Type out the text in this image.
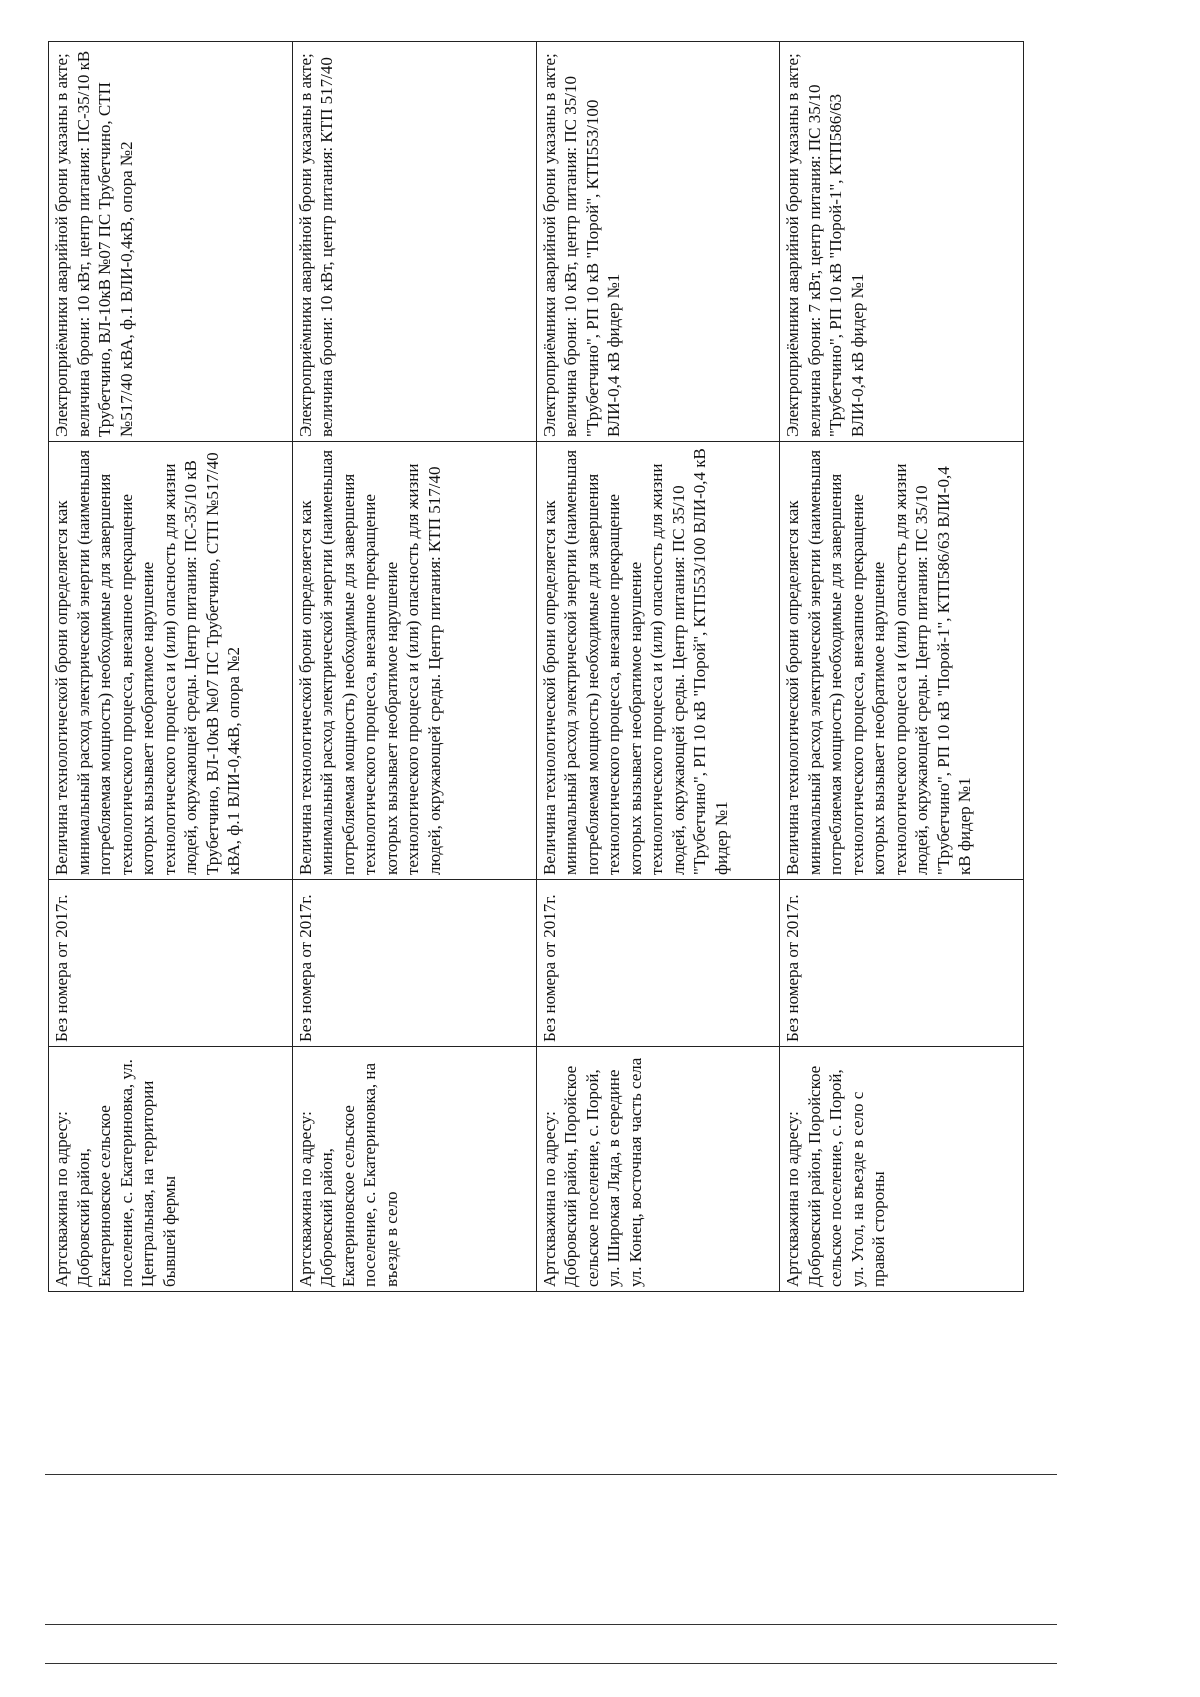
Артскважина по адресу: Добровский район, Екатериновское сельское поселение, с. Екатериновка, ул. Центральная, на территории бывшей фермы	Без номера от 2017г.	Величина технологической брони определяется как минимальный расход электрической энергии (наименьшая потребляемая мощность) необходимые для завершения технологического процесса, внезапное прекращение которых вызывает необратимое нарушение технологического процесса и (или) опасность для жизни людей, окружающей среды. Центр питания: ПС-35/10 кВ Трубетчино, ВЛ-10кВ №07 ПС Трубетчино, СТП №517/40 кВА, ф.1 ВЛИ-0,4кВ, опора №2	Электроприёмники аварийной брони указаны в акте; величина брони: 10 кВт, центр питания: ПС-35/10 кВ Трубетчино, ВЛ-10кВ №07 ПС Трубетчино, СТП №517/40 кВА, ф.1 ВЛИ-0,4кВ, опора №2
Артскважина по адресу: Добровский район, Екатериновское сельское поселение, с. Екатериновка, на въезде в село	Без номера от 2017г.	Величина технологической брони определяется как минимальный расход электрической энергии (наименьшая потребляемая мощность) необходимые для завершения технологического процесса, внезапное прекращение которых вызывает необратимое нарушение технологического процесса и (или) опасность для жизни людей, окружающей среды. Центр питания: КТП 517/40	Электроприёмники аварийной брони указаны в акте; величина брони: 10 кВт, центр питания: КТП 517/40
Артскважина по адресу: Добровский район, Поройское сельское поселение, с. Порой, ул. Широкая Ляда, в середине ул. Конец, восточная часть села	Без номера от 2017г.	Величина технологической брони определяется как минимальный расход электрической энергии (наименьшая потребляемая мощность) необходимые для завершения технологического процесса, внезапное прекращение которых вызывает необратимое нарушение технологического процесса и (или) опасность для жизни людей, окружающей среды. Центр питания: ПС 35/10 "Трубетчино", РП 10 кВ "Порой", КТП553/100 ВЛИ-0,4 кВ фидер №1	Электроприёмники аварийной брони указаны в акте; величина брони: 10 кВт, центр питания: ПС 35/10 "Трубетчино", РП 10 кВ "Порой", КТП553/100 ВЛИ-0,4 кВ фидер №1
Артскважина по адресу: Добровский район, Поройское сельское поселение, с. Порой, ул. Угол, на въезде в село с правой стороны	Без номера от 2017г.	Величина технологической брони определяется как минимальный расход электрической энергии (наименьшая потребляемая мощность) необходимые для завершения технологического процесса, внезапное прекращение которых вызывает необратимое нарушение технологического процесса и (или) опасность для жизни людей, окружающей среды. Центр питания: ПС 35/10 "Трубетчино", РП 10 кВ "Порой-1", КТП586/63 ВЛИ-0,4 кВ фидер №1	Электроприёмники аварийной брони указаны в акте; величина брони: 7 кВт, центр питания: ПС 35/10 "Трубетчино", РП 10 кВ "Порой-1", КТП586/63 ВЛИ-0,4 кВ фидер №1
